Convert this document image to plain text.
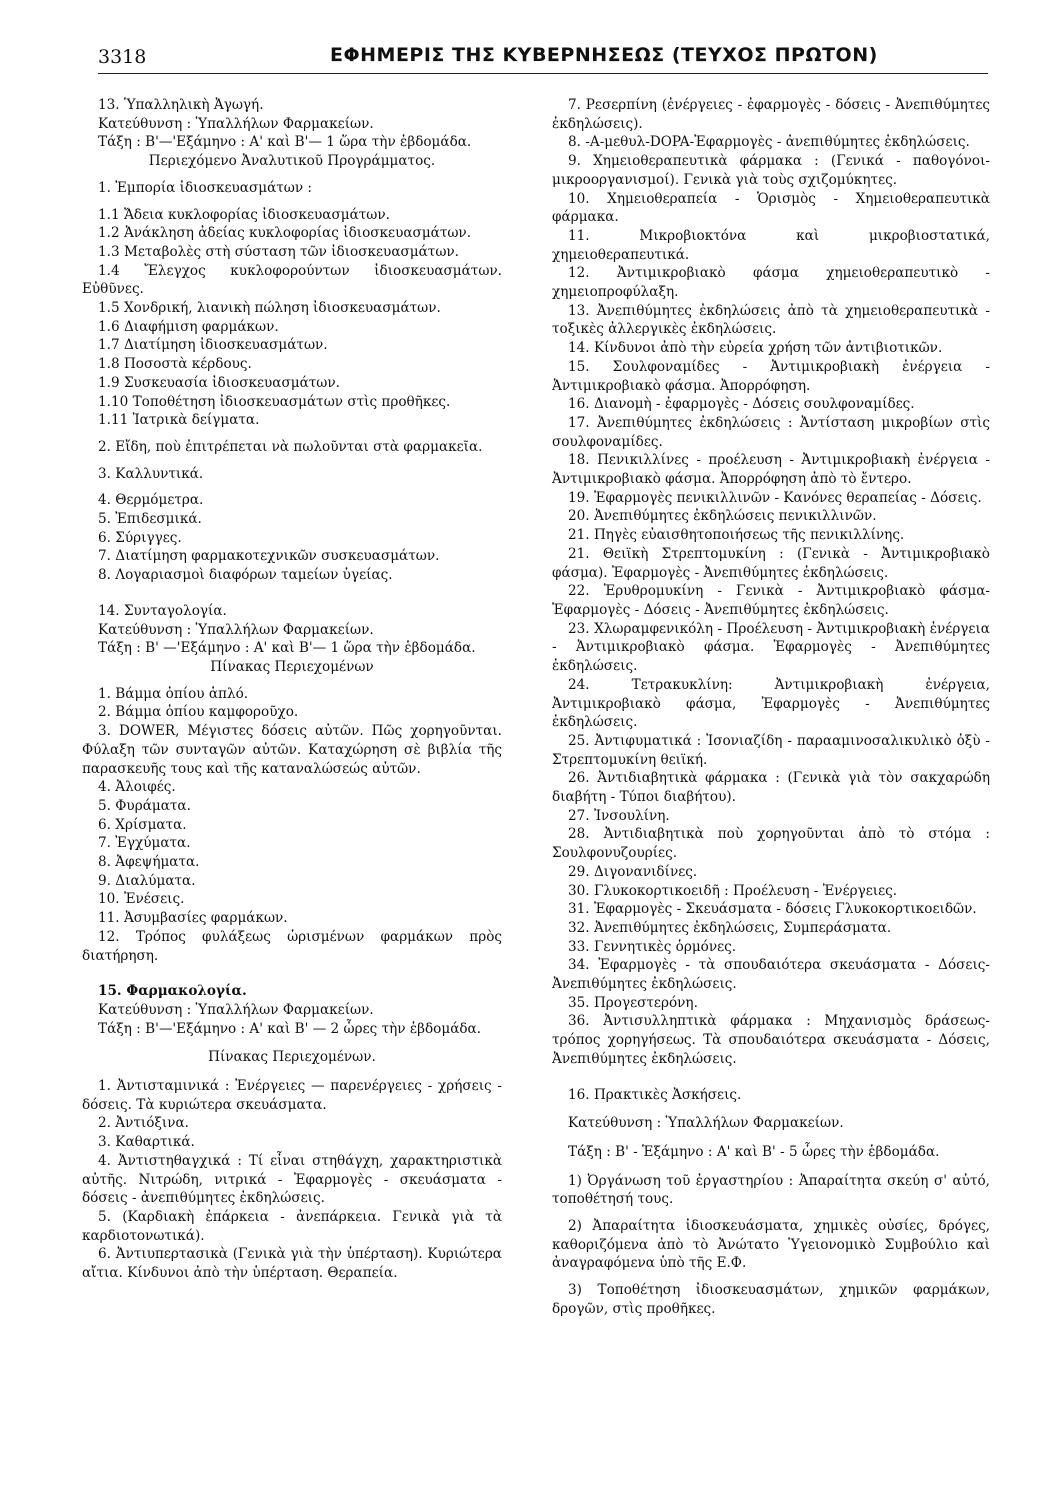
3318	ΕΦΗΜΕΡΙΣ ΤΗΣ ΚΥΒΕΡΝΗΣΕΩΣ (ΤΕΥΧΟΣ ΠΡΩΤΟΝ)

13. Ὑπαλληλικὴ Ἀγωγή.

Κατεύθυνση : Ὑπαλλήλων Φαρμακείων.

Τάξη : Β'—'Εξάμηνο : Α' καὶ Β'— 1 ὥρα τὴν ἑβδομάδα.

Περιεχόμενο Ἀναλυτικοῦ Προγράμματος.

1. Ἐμπορία ἰδιοσκευασμάτων :

1.1 Ἄδεια κυκλοφορίας ἰδιοσκευασμάτων.

1.2 Ἀνάκληση ἀδείας κυκλοφορίας ἰδιοσκευασμάτων.

1.3 Μεταβολὲς στὴ σύσταση τῶν ἰδιοσκευασμάτων.

1.4 Ἔλεγχος κυκλοφορούντων ἰδιοσκευασμάτων. Εὐθῦνες.

1.5 Χονδρική, λιανικὴ πώληση ἰδιοσκευασμάτων.

1.6 Διαφήμιση φαρμάκων.

1.7 Διατίμηση ἰδιοσκευασμάτων.

1.8 Ποσοστὰ κέρδους.

1.9 Συσκευασία ἰδιοσκευασμάτων.

1.10 Τοποθέτηση ἰδιοσκευασμάτων στὶς προθῆκες.

1.11 Ἰατρικὰ δείγματα.

2. Εἴδη, ποὺ ἐπιτρέπεται νὰ πωλοῦνται στὰ φαρμακεῖα.

3. Καλλυντικά.

4. Θερμόμετρα.

5. Ἐπιδεσμικά.

6. Σύριγγες.

7. Διατίμηση φαρμακοτεχνικῶν συσκευασμάτων.

8. Λογαριασμοὶ διαφόρων ταμείων ὑγείας.

14. Συνταγολογία.

Κατεύθυνση : Ὑπαλλήλων Φαρμακείων.

Τάξη : Β' —'Εξάμηνο : Α' καὶ Β'— 1 ὥρα τὴν ἑβδομάδα.

Πίνακας Περιεχομένων

1. Βάμμα ὀπίου ἁπλό.

2. Βάμμα ὀπίου καμφοροῦχο.

3. DOWER, Μέγιστες δόσεις αὐτῶν. Πῶς χορηγοῦνται. Φύλαξη τῶν συνταγῶν αὐτῶν. Καταχώρηση σὲ βιβλία τῆς παρασκευῆς τους καὶ τῆς καταναλώσεώς αὐτῶν.

4. Ἀλοιφές.

5. Φυράματα.

6. Χρίσματα.

7. Ἐγχύματα.

8. Ἀφεψήματα.

9. Διαλύματα.

10. Ἐνέσεις.

11. Ἀσυμβασίες φαρμάκων.

12. Τρόπος φυλάξεως ὡρισμένων φαρμάκων πρὸς διατήρηση.

15. Φαρμακολογία.

Κατεύθυνση : Ὑπαλλήλων Φαρμακείων.

Τάξη : Β'—'Εξάμηνο : Α' καὶ Β' — 2 ὧρες τὴν ἑβδομάδα.

Πίνακας Περιεχομένων.

1. Ἀντισταμινικά : Ἐνέργειες — παρενέργειες - χρήσεις - δόσεις. Τὰ κυριώτερα σκευάσματα.

2. Ἀντιόξινα.

3. Καθαρτικά.

4. Ἀντιστηθαγχικά : Τί εἶναι στηθάγχη, χαρακτηριστικὰ αὐτῆς. Νιτρώδη, νιτρικά - Ἐφαρμογὲς - σκευάσματα - δόσεις - ἀνεπιθύμητες ἐκδηλώσεις.

5. (Καρδιακὴ ἐπάρκεια - ἀνεπάρκεια. Γενικὰ γιὰ τὰ καρδιοτονωτικά).

6. Ἀντιυπερτασικὰ (Γενικὰ γιὰ τὴν ὑπέρταση). Κυριώτερα αἴτια. Κίνδυνοι ἀπὸ τὴν ὑπέρταση. Θεραπεία.

7. Ρεσερπίνη (ἐνέργειες - ἐφαρμογὲς - δόσεις - Ἀνεπιθύμητες ἐκδηλώσεις).

8. -Α-μεθυλ-DOPA-Ἐφαρμογὲς - ἀνεπιθύμητες ἐκδηλώσεις.

9. Χημειοθεραπευτικὰ φάρμακα : (Γενικά - παθογόνοι-μικροοργανισμοί). Γενικὰ γιὰ τοὺς σχιζομύκητες.

10. Χημειοθεραπεία - Ὁρισμὸς - Χημειοθεραπευτικὰ φάρμακα.

11. Μικροβιοκτόνα καὶ μικροβιοστατικά, χημειοθεραπευτικά.

12. Ἀντιμικροβιακὸ φάσμα χημειοθεραπευτικὸ - χημειοπροφύλαξη.

13. Ἀνεπιθύμητες ἐκδηλώσεις ἀπὸ τὰ χημειοθεραπευτικὰ - τοξικὲς ἀλλεργικὲς ἐκδηλώσεις.

14. Κίνδυνοι ἀπὸ τὴν εὐρεία χρήση τῶν ἀντιβιοτικῶν.

15. Σουλφοναμίδες - Ἀντιμικροβιακὴ ἐνέργεια - Ἀντιμικροβιακὸ φάσμα. Ἀπορρόφηση.

16. Διανομὴ - ἐφαρμογὲς - Δόσεις σουλφοναμίδες.

17. Ἀνεπιθύμητες ἐκδηλώσεις : Ἀντίσταση μικροβίων στὶς σουλφοναμίδες.

18. Πενικιλλίνες - προέλευση - Ἀντιμικροβιακὴ ἐνέργεια - Ἀντιμικροβιακὸ φάσμα. Ἀπορρόφηση ἀπὸ τὸ ἔντερο.

19. Ἐφαρμογὲς πενικιλλινῶν - Κανόνες θεραπείας - Δόσεις.

20. Ἀνεπιθύμητες ἐκδηλώσεις πενικιλλινῶν.

21. Πηγὲς εὐαισθητοποιήσεως τῆς πενικιλλίνης.

21. Θειϊκὴ Στρεπτομυκίνη : (Γενικὰ - Ἀντιμικροβιακὸ φάσμα). Ἐφαρμογὲς - Ἀνεπιθύμητες ἐκδηλώσεις.

22. Ἐρυθρομυκίνη - Γενικὰ - Ἀντιμικροβιακὸ φάσμα-Ἐφαρμογὲς - Δόσεις - Ἀνεπιθύμητες ἐκδηλώσεις.

23. Χλωραμφενικόλη - Προέλευση - Ἀντιμικροβιακὴ ἐνέργεια - Ἀντιμικροβιακὸ φάσμα. Ἐφαρμογὲς - Ἀνεπιθύμητες ἐκδηλώσεις.

24. Τετρακυκλίνη: Ἀντιμικροβιακὴ ἐνέργεια, Ἀντιμικροβιακὸ φάσμα, Ἐφαρμογὲς - Ἀνεπιθύμητες ἐκδηλώσεις.

25. Ἀντιφυματικά : Ἰσονιαζίδη - παρααμινοσαλικυλικὸ ὀξὺ - Στρεπτομυκίνη θειϊκή.

26. Ἀντιδιαβητικὰ φάρμακα : (Γενικὰ γιὰ τὸν σακχαρώδη διαβήτη - Τύποι διαβήτου).

27. Ἰνσουλίνη.

28. Ἀντιδιαβητικὰ ποὺ χορηγοῦνται ἀπὸ τὸ στόμα : Σουλφονυζουρίες.

29. Διγονανιδίνες.

30. Γλυκοκορτικοειδῆ : Προέλευση - Ἐνέργειες.

31. Ἐφαρμογὲς - Σκευάσματα - δόσεις Γλυκοκορτικοειδῶν.

32. Ἀνεπιθύμητες ἐκδηλώσεις, Συμπεράσματα.

33. Γεννητικὲς ὁρμόνες.

34. Ἐφαρμογὲς - τὰ σπουδαιότερα σκευάσματα - Δόσεις-Ἀνεπιθύμητες ἐκδηλώσεις.

35. Προγεστερόνη.

36. Ἀντισυλληπτικὰ φάρμακα : Μηχανισμὸς δράσεως-τρόπος χορηγήσεως. Τὰ σπουδαιότερα σκευάσματα - Δόσεις, Ἀνεπιθύμητες ἐκδηλώσεις.

16. Πρακτικὲς Ἀσκήσεις.

Κατεύθυνση : Ὑπαλλήλων Φαρμακείων.

Τάξη : Β' - Ἑξάμηνο : Α' καὶ Β' - 5 ὧρες τὴν ἑβδομάδα.

1) Ὀργάνωση τοῦ ἐργαστηρίου : Ἀπαραίτητα σκεύη σ' αὐτό, τοποθέτησή τους.

2) Ἀπαραίτητα ἰδιοσκευάσματα, χημικὲς οὐσίες, δρόγες, καθοριζόμενα ἀπὸ τὸ Ἀνώτατο Ὑγειονομικὸ Συμβούλιο καὶ ἀναγραφόμενα ὑπὸ τῆς Ε.Φ.

3) Τοποθέτηση ἰδιοσκευασμάτων, χημικῶν φαρμάκων, δρογῶν, στὶς προθῆκες.
